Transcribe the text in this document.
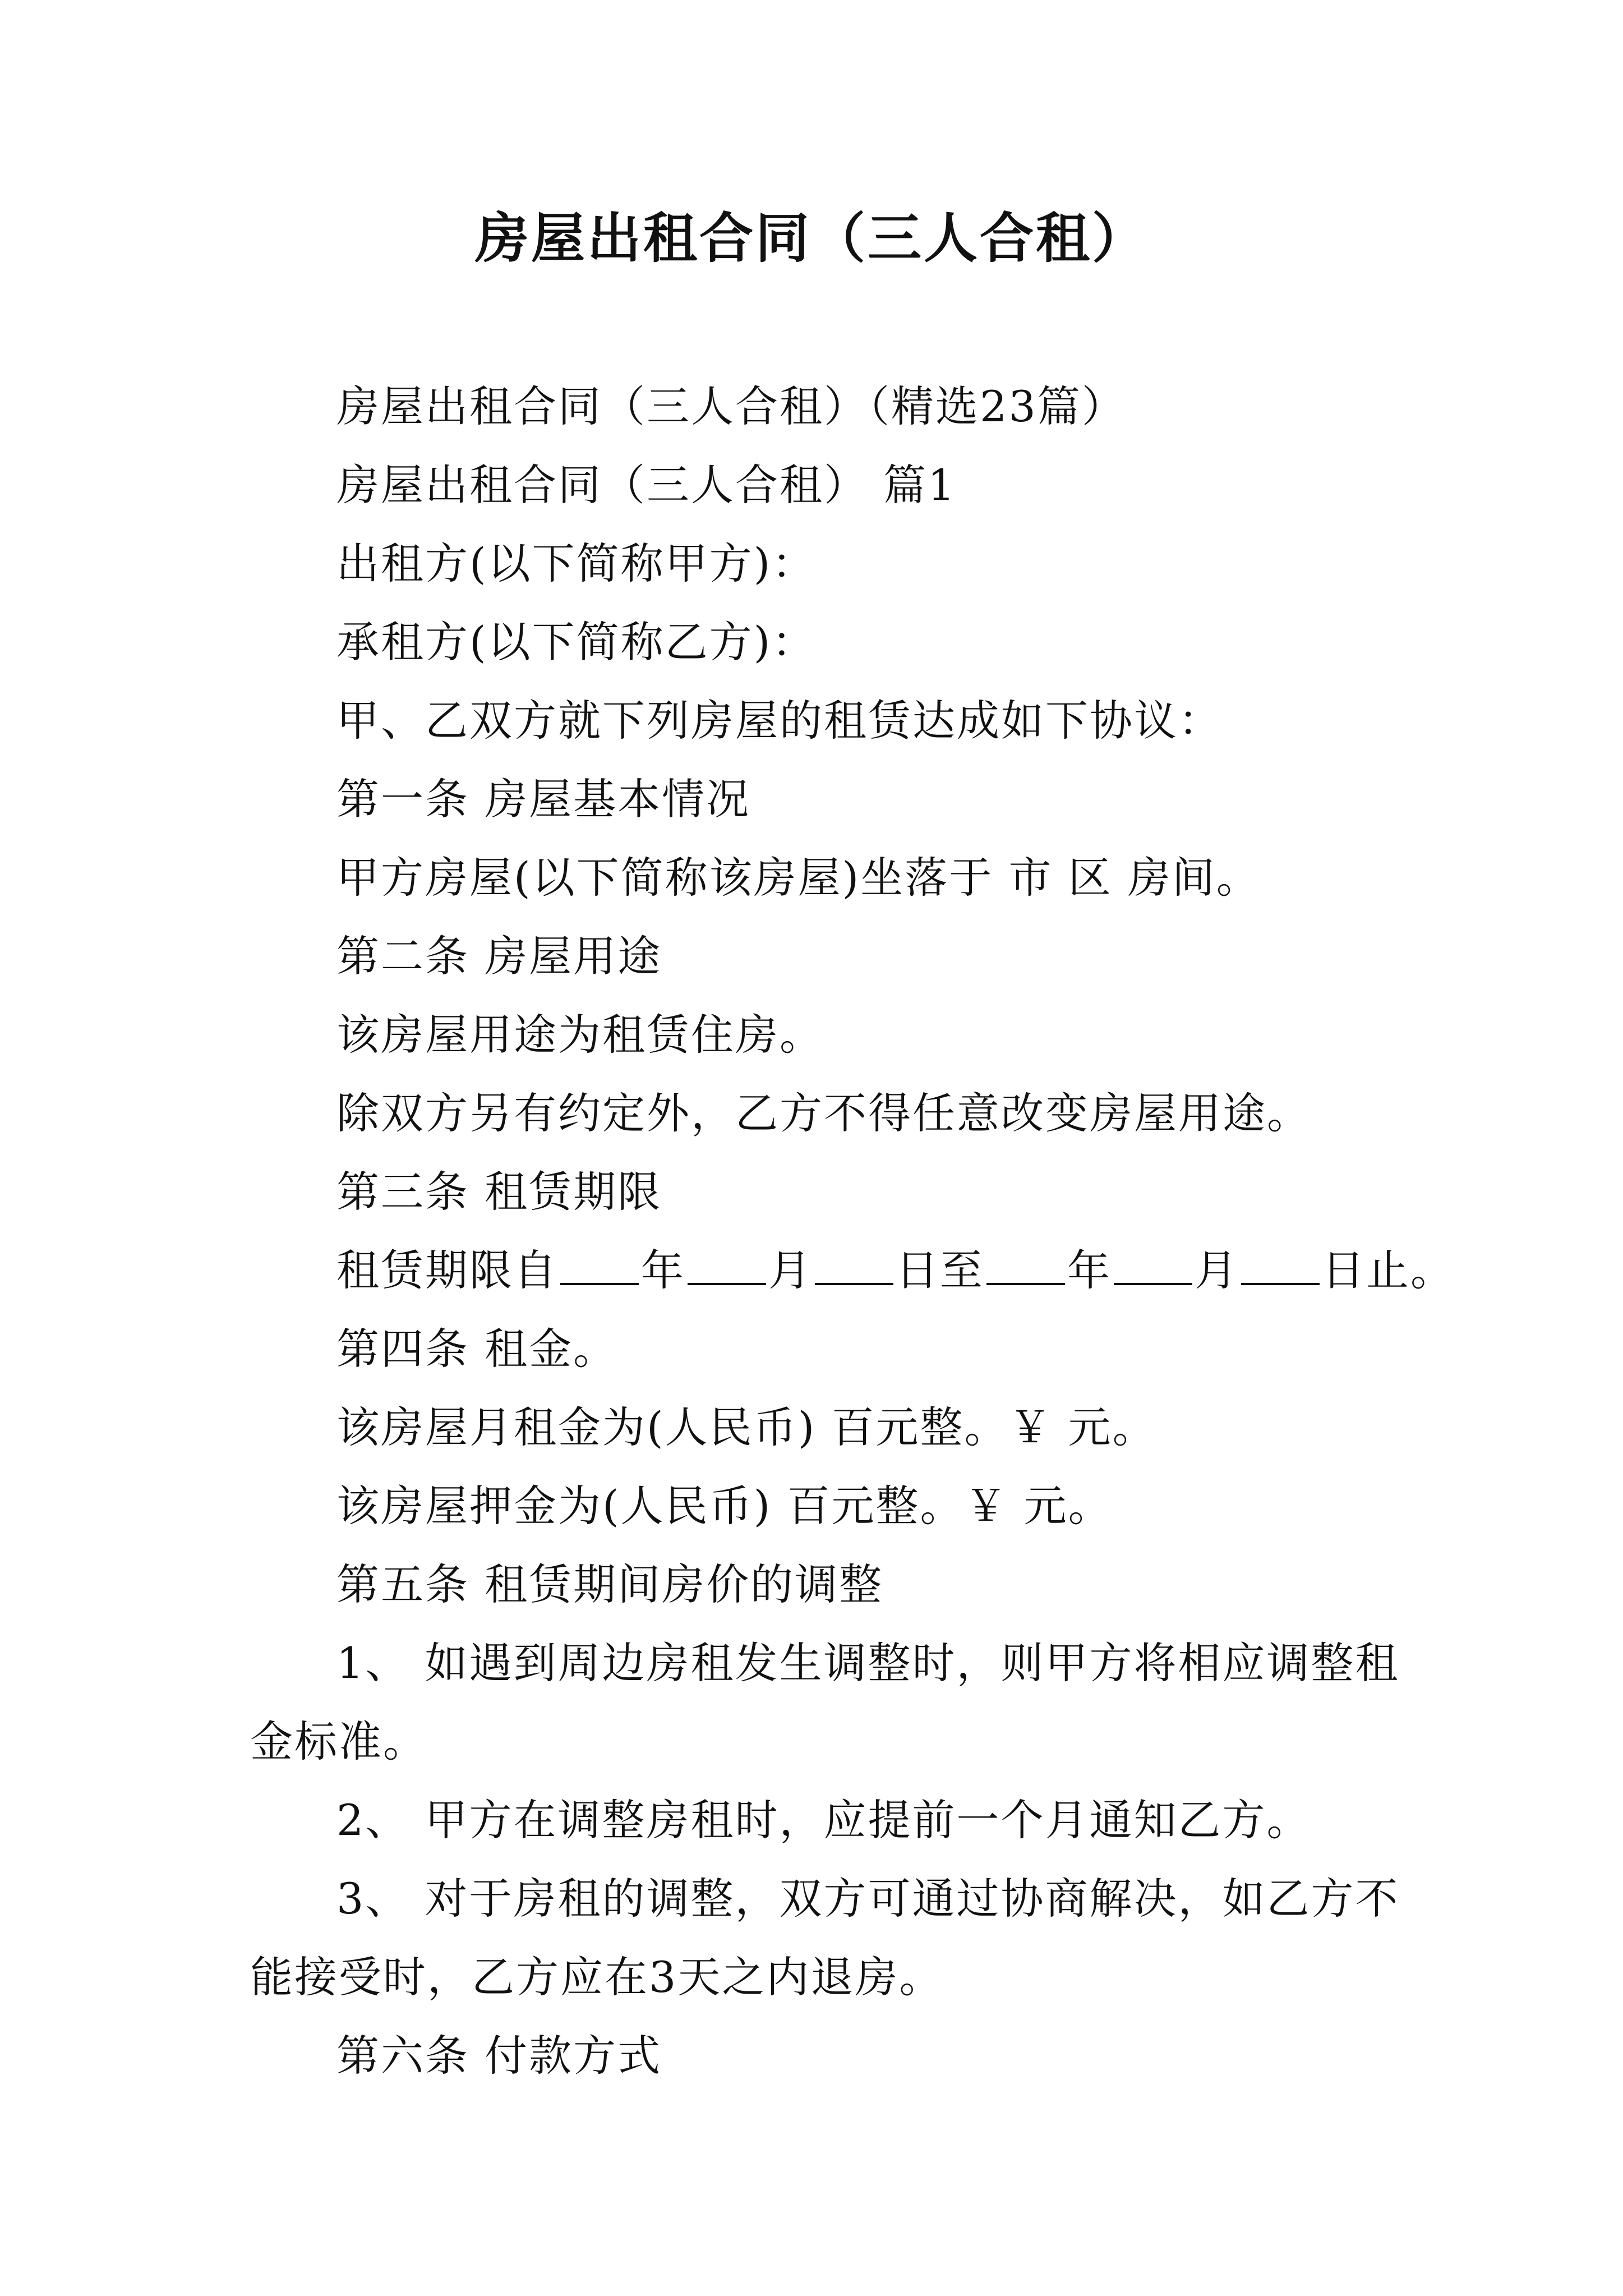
房屋出租合同（三人合租）
房屋出租合同（三人合租）（精选23篇）
房屋出租合同（三人合租） 篇1
出租方(以下简称甲方)：
承租方(以下简称乙方)：
甲、乙双方就下列房屋的租赁达成如下协议：
第一条 房屋基本情况
甲方房屋(以下简称该房屋)坐落于 市 区 房间。
第二条 房屋用途
该房屋用途为租赁住房。
除双方另有约定外，乙方不得任意改变房屋用途。
第三条 租赁期限
租赁期限自 年 月 日至 年 月 日止。
第四条 租金。
该房屋月租金为(人民币) 百元整。￥ 元。
该房屋押金为(人民币) 百元整。￥ 元。
第五条 租赁期间房价的调整
1、 如遇到周边房租发生调整时，则甲方将相应调整租
金标准。
2、 甲方在调整房租时，应提前一个月通知乙方。
3、 对于房租的调整，双方可通过协商解决，如乙方不
能接受时，乙方应在3天之内退房。
第六条 付款方式
